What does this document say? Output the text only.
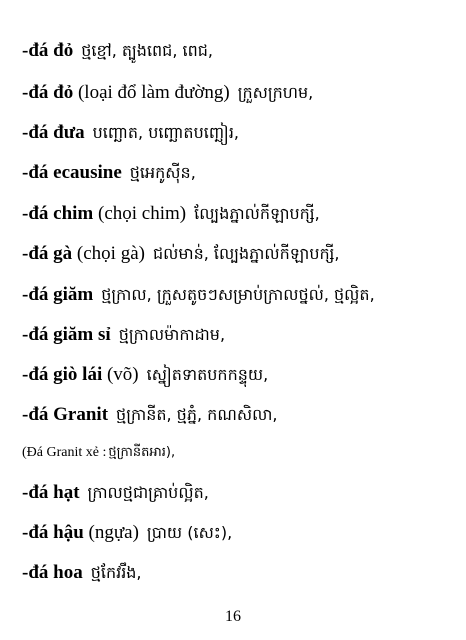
-đá đỏ ថ្មខ្មៅ, ត្បូងពេជ, ពេជ,
-đá đỏ (loại đổ làm đường) ក្រួសក្រហម,
-đá đưa បញ្ឆោត, បញ្ឆោតបញ្ឆៀរ,
-đá ecausine ថ្មអេកូស៊ីន,
-đá chim (chọi chim) ល្បែងភ្នាល់កីឡាបក្សី,
-đá gà (chọi gà) ជល់មាន់, ល្បែងភ្នាល់កីឡាបក្សី,
-đá giăm ថ្មក្រាល, ក្រួសតូចៗសម្រាប់ក្រាលថ្នល់, ថ្មល្អិត,
-đá giăm sỉ ថ្មក្រាលម៉ាកាដាម,
-đá giò lái (võ) ស្នៀតទាតបកកន្ទុយ,
-đá Granit ថ្មក្រានីត, ថ្មភ្នំ, កណសិលា,
(Đá Granit xẻ : ថ្មក្រានីតអារ),
-đá hạt ក្រាលថ្មជាគ្រាប់ល្អិត,
-đá hậu (ngựa) ប្រាយ (សេះ),
-đá hoa ថ្មកែវរឹង,
16
